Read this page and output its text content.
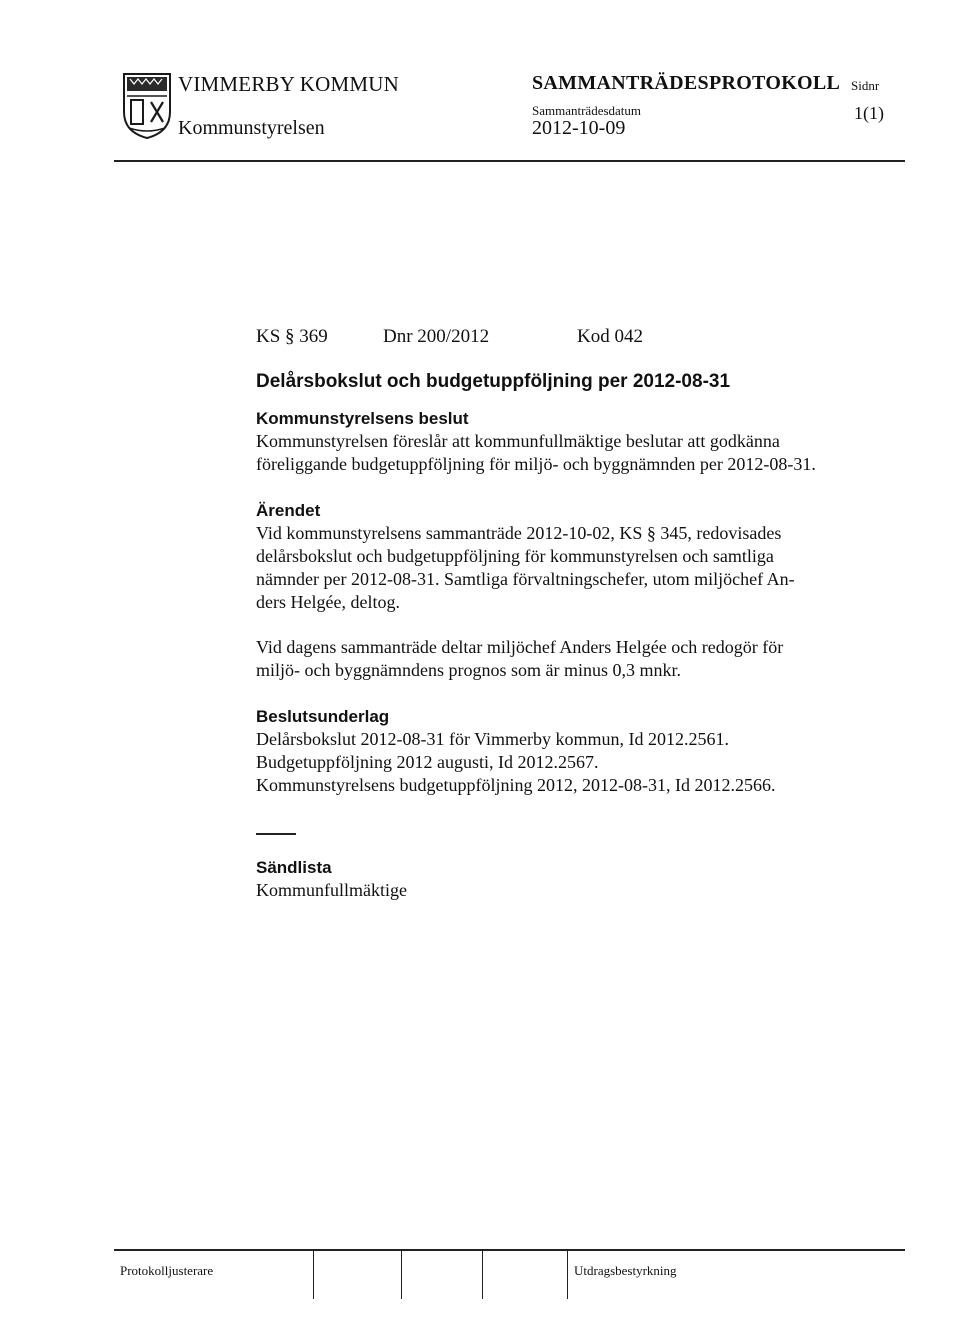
VIMMERBY KOMMUN
Kommunstyrelsen
SAMMANTRÄDESPROTOKOLL
Sammanträdesdatum
2012-10-09
Sidnr
1(1)
KS § 369	Dnr 200/2012	Kod 042
Delårsbokslut och budgetuppföljning per 2012-08-31
Kommunstyrelsens beslut
Kommunstyrelsen föreslår att kommunfullmäktige beslutar att godkänna
föreliggande budgetuppföljning för miljö- och byggnämnden per 2012-08-31.
Ärendet
Vid kommunstyrelsens sammanträde 2012-10-02, KS § 345, redovisades
delårsbokslut och budgetuppföljning för kommunstyrelsen och samtliga
nämnder per 2012-08-31. Samtliga förvaltningschefer, utom miljöchef An-
ders Helgée, deltog.
Vid dagens sammanträde deltar miljöchef Anders Helgée och redogör för
miljö- och byggnämndens prognos som är minus 0,3 mnkr.
Beslutsunderlag
Delårsbokslut 2012-08-31 för Vimmerby kommun, Id 2012.2561.
Budgetuppföljning 2012 augusti, Id 2012.2567.
Kommunstyrelsens budgetuppföljning 2012, 2012-08-31, Id 2012.2566.
Sändlista
Kommunfullmäktige
Protokolljusterare	Utdragsbestyrkning
